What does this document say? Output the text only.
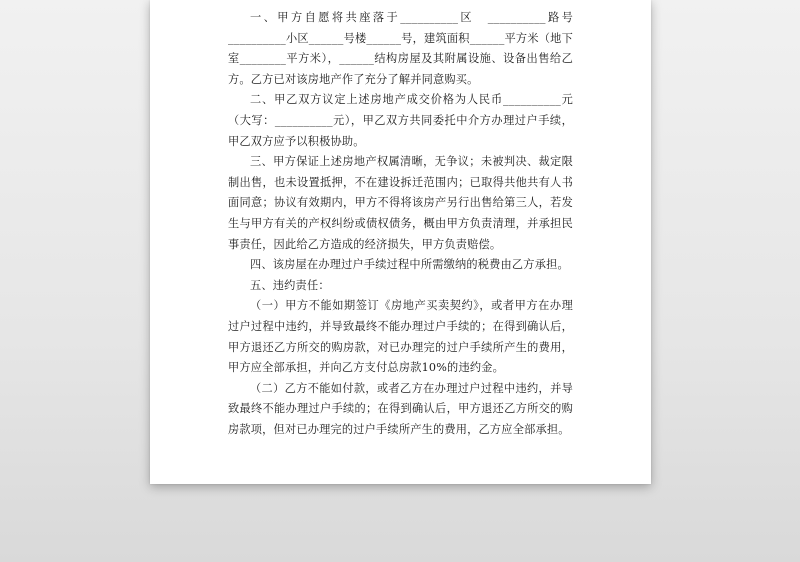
一、甲方自愿将共座落于__________区　__________路号__________小区______号楼______号，建筑面积______平方米（地下室________平方米），______结构房屋及其附属设施、设备出售给乙方。乙方已对该房地产作了充分了解并同意购买。

二、甲乙双方议定上述房地产成交价格为人民币__________元（大写：__________元），甲乙双方共同委托中介方办理过户手续，甲乙双方应予以积极协助。

三、甲方保证上述房地产权属清晰，无争议；未被判决、裁定限制出售，也未设置抵押，不在建设拆迁范围内；已取得共他共有人书面同意；协议有效期内，甲方不得将该房产另行出售给第三人，若发生与甲方有关的产权纠纷或债权债务，概由甲方负责清理，并承担民事责任，因此给乙方造成的经济损失，甲方负责赔偿。

四、该房屋在办理过户手续过程中所需缴纳的税费由乙方承担。

五、违约责任：

（一）甲方不能如期签订《房地产买卖契约》，或者甲方在办理过户过程中违约，并导致最终不能办理过户手续的；在得到确认后，甲方退还乙方所交的购房款，对已办理完的过户手续所产生的费用，甲方应全部承担，并向乙方支付总房款10%的违约金。

（二）乙方不能如付款，或者乙方在办理过户过程中违约，并导致最终不能办理过户手续的；在得到确认后，甲方退还乙方所交的购房款项，但对已办理完的过户手续所产生的费用，乙方应全部承担。
